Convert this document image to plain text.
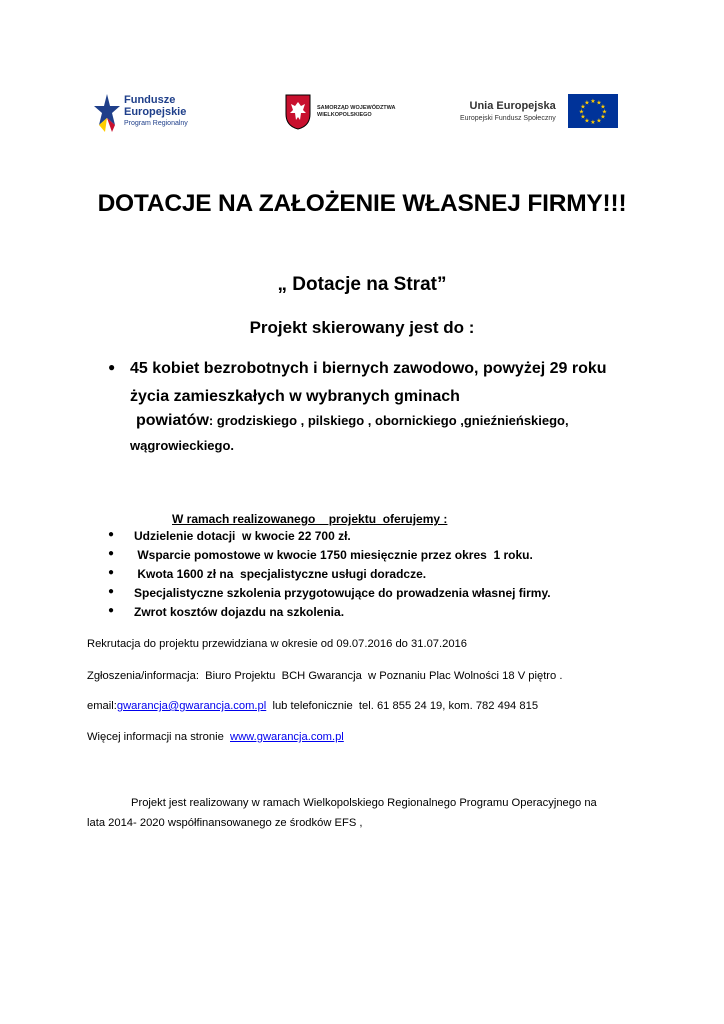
Fundusze
Europejskie
Program Regionalny
SAMORZĄD WOJEWÓDZTWA
WIELKOPOLSKIEGO
Unia Europejska
Europejski Fundusz Społeczny
★ ★
★
★
★
★
★
★
★
★
★
★
DOTACJE NA ZAŁOŻENIE WŁASNEJ FIRMY!!!
„ Dotacje na Strat”
Projekt skierowany jest do :
● 45 kobiet bezrobotnych i biernych zawodowo, powyżej 29 roku
życia zamieszkałych w wybranych gminach
powiatów: grodziskiego , pilskiego , obornickiego ,gnieźnieńskiego,
wągrowieckiego.
W ramach realizowanego    projektu  oferujemy :
● Udzielenie dotacji  w kwocie 22 700 zł.
● Wsparcie pomostowe w kwocie 1750 miesięcznie przez okres  1 roku.
● Kwota 1600 zł na  specjalistyczne usługi doradcze.
● Specjalistyczne szkolenia przygotowujące do prowadzenia własnej firmy.
● Zwrot kosztów dojazdu na szkolenia.
Rekrutacja do projektu przewidziana w okresie od 09.07.2016 do 31.07.2016
Zgłoszenia/informacja:  Biuro Projektu  BCH Gwarancja  w Poznaniu Plac Wolności 18 V piętro .
email:gwarancja@gwarancja.com.pl  lub telefonicznie  tel. 61 855 24 19, kom. 782 494 815
Więcej informacji na stronie  www.gwarancja.com.pl
Projekt jest realizowany w ramach Wielkopolskiego Regionalnego Programu Operacyjnego na
lata 2014- 2020 współfinansowanego ze środków EFS ,
